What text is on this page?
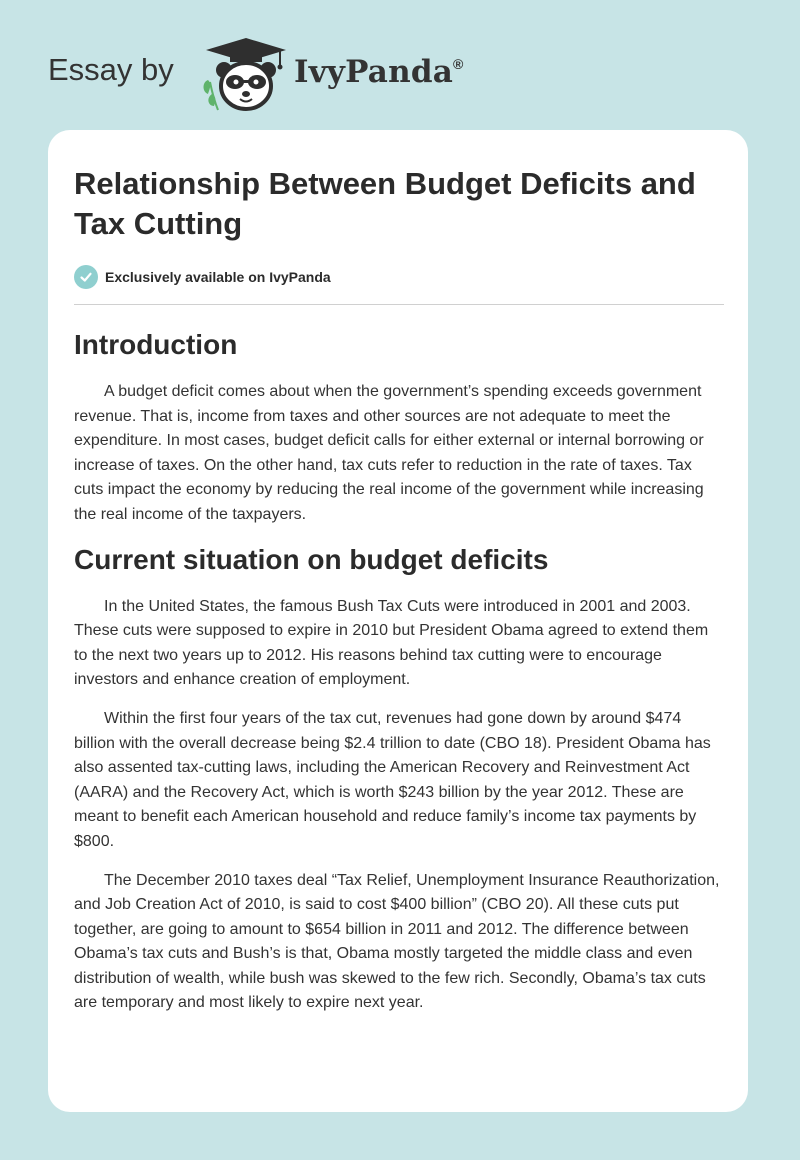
Essay by	IvyPanda®
Relationship Between Budget Deficits and Tax Cutting
Exclusively available on IvyPanda
Introduction

A budget deficit comes about when the government’s spending exceeds government revenue. That is, income from taxes and other sources are not adequate to meet the expenditure. In most cases, budget deficit calls for either external or internal borrowing or increase of taxes. On the other hand, tax cuts refer to reduction in the rate of taxes. Tax cuts impact the economy by reducing the real income of the government while increasing the real income of the taxpayers.

Current situation on budget deficits

In the United States, the famous Bush Tax Cuts were introduced in 2001 and 2003. These cuts were supposed to expire in 2010 but President Obama agreed to extend them to the next two years up to 2012. His reasons behind tax cutting were to encourage investors and enhance creation of employment.

Within the first four years of the tax cut, revenues had gone down by around $474 billion with the overall decrease being $2.4 trillion to date (CBO 18). President Obama has also assented tax-cutting laws, including the American Recovery and Reinvestment Act (AARA) and the Recovery Act, which is worth $243 billion by the year 2012. These are meant to benefit each American household and reduce family’s income tax payments by $800.

The December 2010 taxes deal “Tax Relief, Unemployment Insurance Reauthorization, and Job Creation Act of 2010, is said to cost $400 billion” (CBO 20). All these cuts put together, are going to amount to $654 billion in 2011 and 2012. The difference between Obama’s tax cuts and Bush’s is that, Obama mostly targeted the middle class and even distribution of wealth, while bush was skewed to the few rich. Secondly, Obama’s tax cuts are temporary and most likely to expire next year.
